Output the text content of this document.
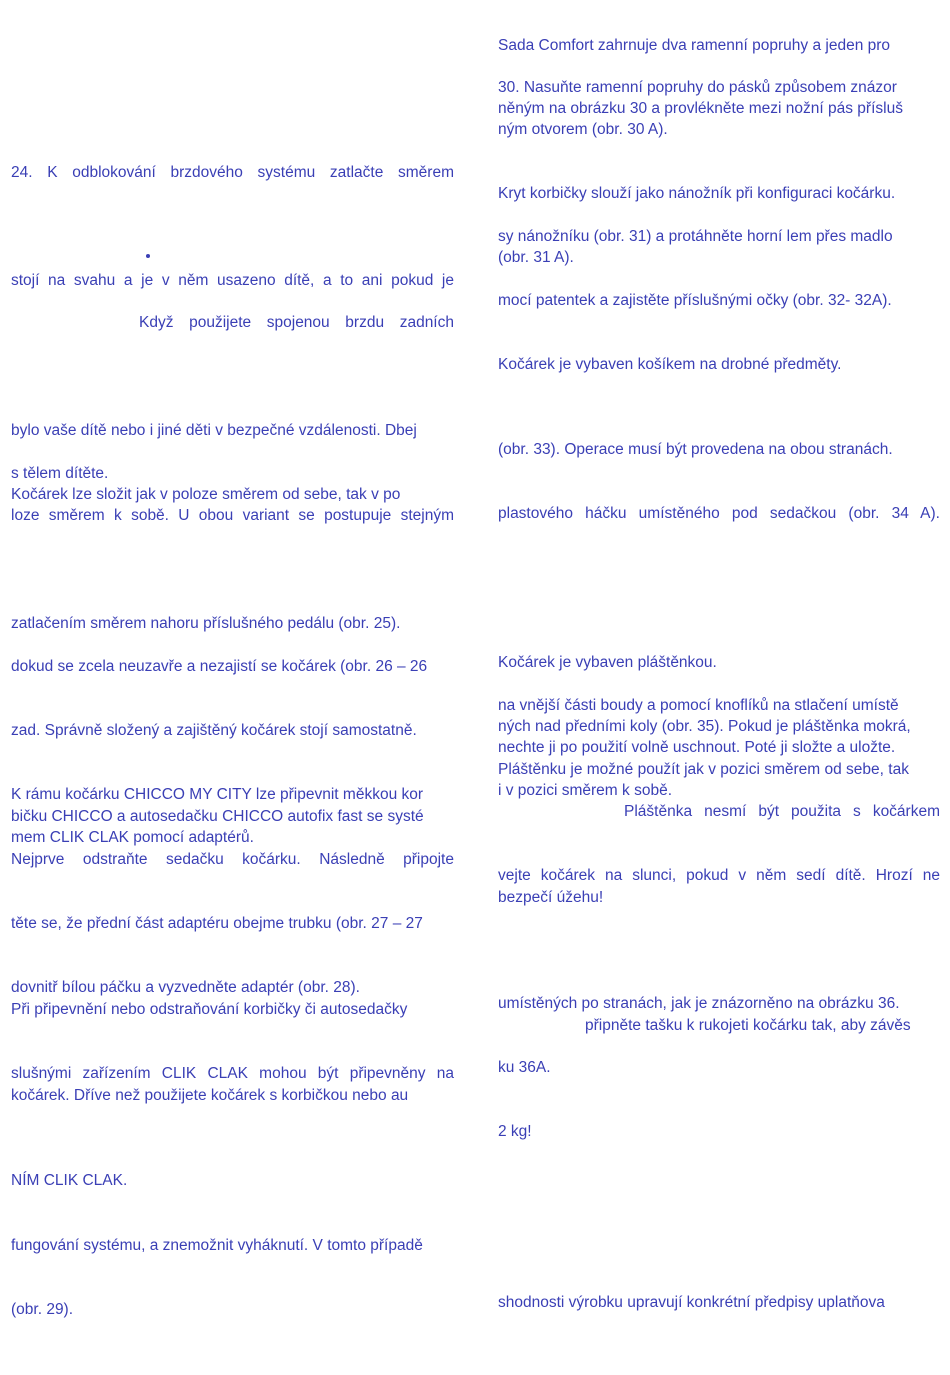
24. K odblokování brzdového systému zatlačte směrem
stojí na svahu a je v něm usazeno dítě, a to ani pokud je
Když použijete spojenou brzdu zadních
bylo vaše dítě nebo i jiné děti v bezpečné vzdálenosti. Dbej
s tělem dítěte.
Kočárek lze složit jak v poloze směrem od sebe, tak v po
loze směrem k sobě. U obou variant se postupuje stejným
zatlačením směrem nahoru příslušného pedálu (obr. 25).
dokud se zcela neuzavře a nezajistí se kočárek (obr. 26 – 26
zad. Správně složený a zajištěný kočárek stojí samostatně.
K rámu kočárku CHICCO MY CITY lze připevnit měkkou kor
bičku CHICCO a autosedačku CHICCO autofix fast se systé
mem CLIK CLAK pomocí adaptérů.
Nejprve odstraňte sedačku kočárku. Následně připojte
těte se, že přední část adaptéru obejme trubku (obr. 27 – 27
dovnitř bílou páčku a vyzvedněte adaptér (obr. 28).
Při připevnění nebo odstraňování korbičky či autosedačky
slušnými zařízením CLIK CLAK mohou být připevněny na
kočárek. Dříve než použijete kočárek s korbičkou nebo au
NÍM CLIK CLAK.
fungování systému, a znemožnit vyháknutí. V tomto případě
(obr. 29).
Sada Comfort zahrnuje dva ramenní popruhy a jeden pro
30. Nasuňte ramenní popruhy do pásků způsobem znázor
něným na obrázku 30 a provlékněte mezi nožní pás přísluš
ným otvorem (obr. 30 A).
Kryt korbičky slouží jako nánožník při konfiguraci kočárku.
sy nánožníku (obr. 31) a protáhněte horní lem přes madlo
(obr. 31 A).
mocí patentek a zajistěte příslušnými očky (obr. 32- 32A).
Kočárek je vybaven košíkem na drobné předměty.
(obr. 33). Operace musí být provedena na obou stranách.
plastového háčku umístěného pod sedačkou (obr. 34 A).
Kočárek je vybaven pláštěnkou.
na vnější části boudy a pomocí knoflíků na stlačení umístě
ných nad předními koly (obr. 35). Pokud je pláštěnka mokrá,
nechte ji po použití volně uschnout. Poté ji složte a uložte.
Pláštěnku je možné použít jak v pozici směrem od sebe, tak
i v pozici směrem k sobě.
Pláštěnka nesmí být použita s kočárkem
vejte kočárek na slunci, pokud v něm sedí dítě. Hrozí ne
bezpečí úžehu!
umístěných po stranách, jak je znázorněno na obrázku 36.
připněte tašku k rukojeti kočárku tak, aby závěs
ku 36A.
2 kg!
shodnosti výrobku upravují konkrétní předpisy uplatňova
